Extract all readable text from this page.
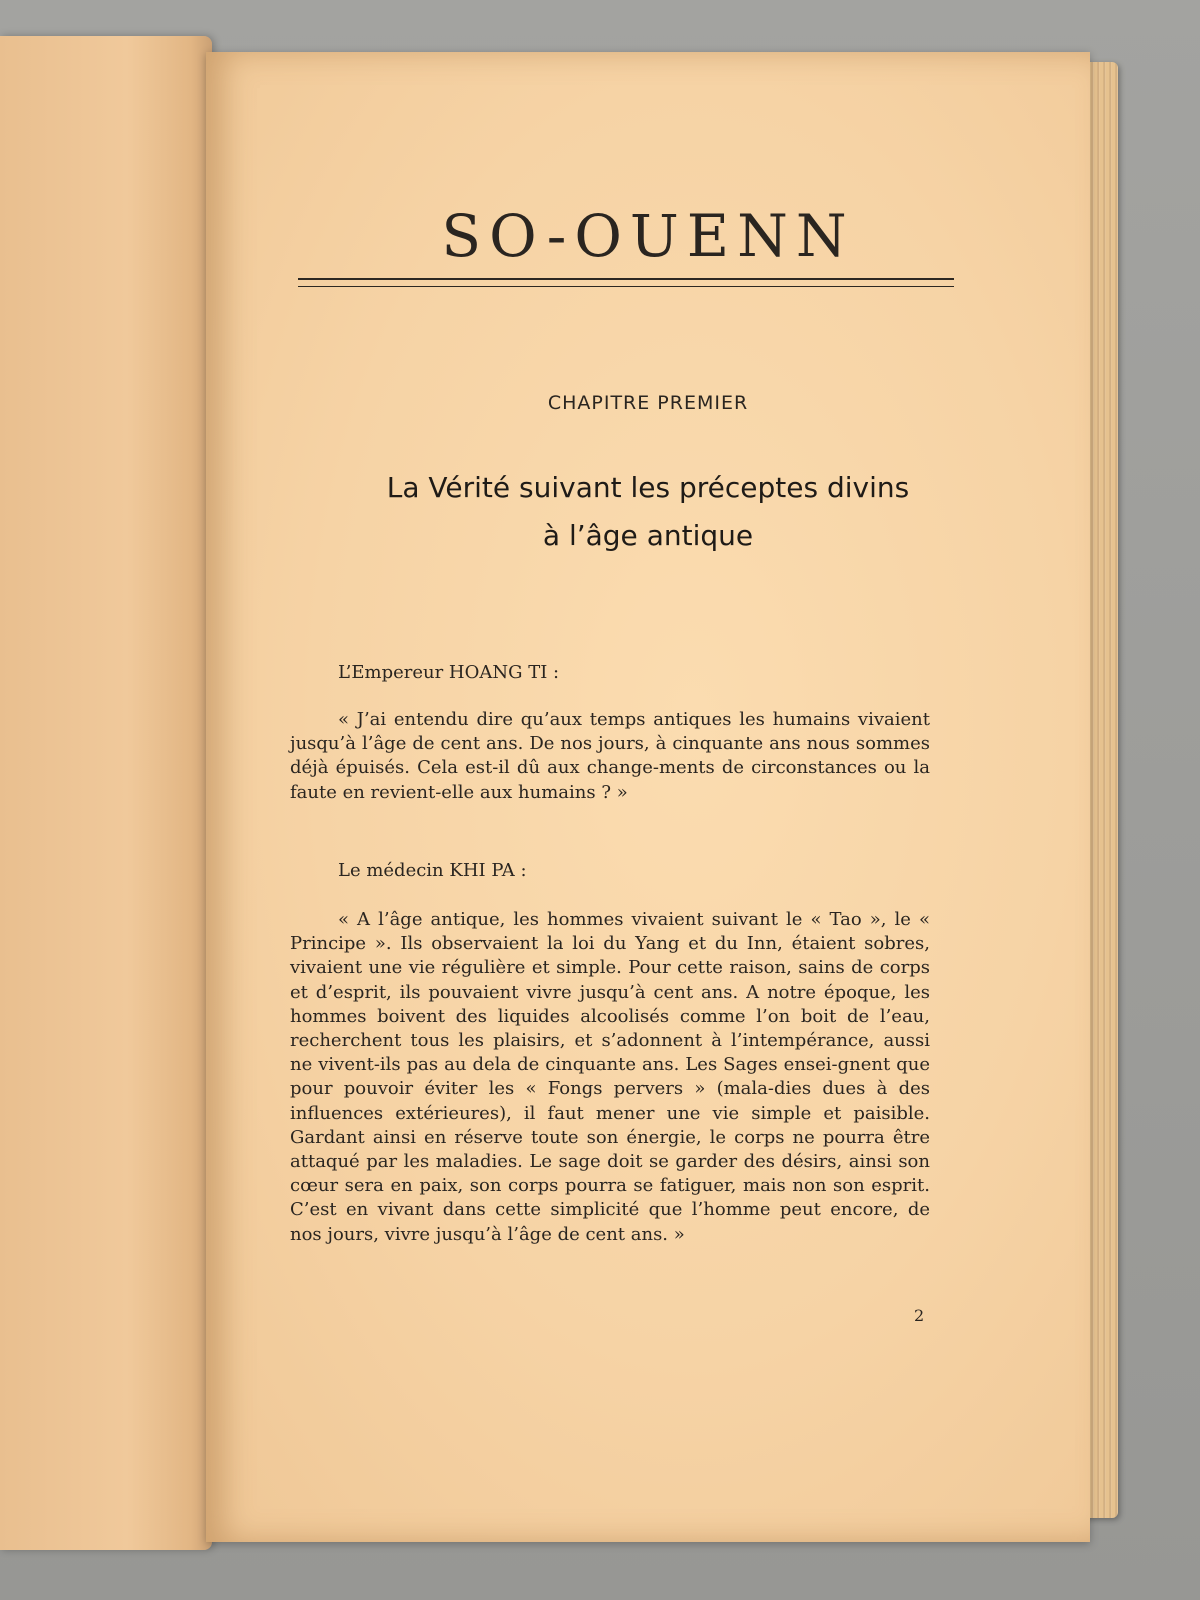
SO-OUENN
CHAPITRE PREMIER
La Vérité suivant les préceptes divins
à l’âge antique
L’Empereur HOANG TI :

« J’ai entendu dire qu’aux temps antiques les humains vivaient jusqu’à l’âge de cent ans. De nos jours, à cinquante ans nous sommes déjà épuisés. Cela est-il dû aux change-ments de circonstances ou la faute en revient-elle aux humains ? »

Le médecin KHI PA :

« A l’âge antique, les hommes vivaient suivant le « Tao », le « Principe ». Ils observaient la loi du Yang et du Inn, étaient sobres, vivaient une vie régulière et simple. Pour cette raison, sains de corps et d’esprit, ils pouvaient vivre jusqu’à cent ans. A notre époque, les hommes boivent des liquides alcoolisés comme l’on boit de l’eau, recherchent tous les plaisirs, et s’adonnent à l’intempérance, aussi ne vivent-ils pas au dela de cinquante ans. Les Sages ensei-gnent que pour pouvoir éviter les « Fongs pervers » (mala-dies dues à des influences extérieures), il faut mener une vie simple et paisible. Gardant ainsi en réserve toute son énergie, le corps ne pourra être attaqué par les maladies. Le sage doit se garder des désirs, ainsi son cœur sera en paix, son corps pourra se fatiguer, mais non son esprit. C’est en vivant dans cette simplicité que l’homme peut encore, de nos jours, vivre jusqu’à l’âge de cent ans. »

2
